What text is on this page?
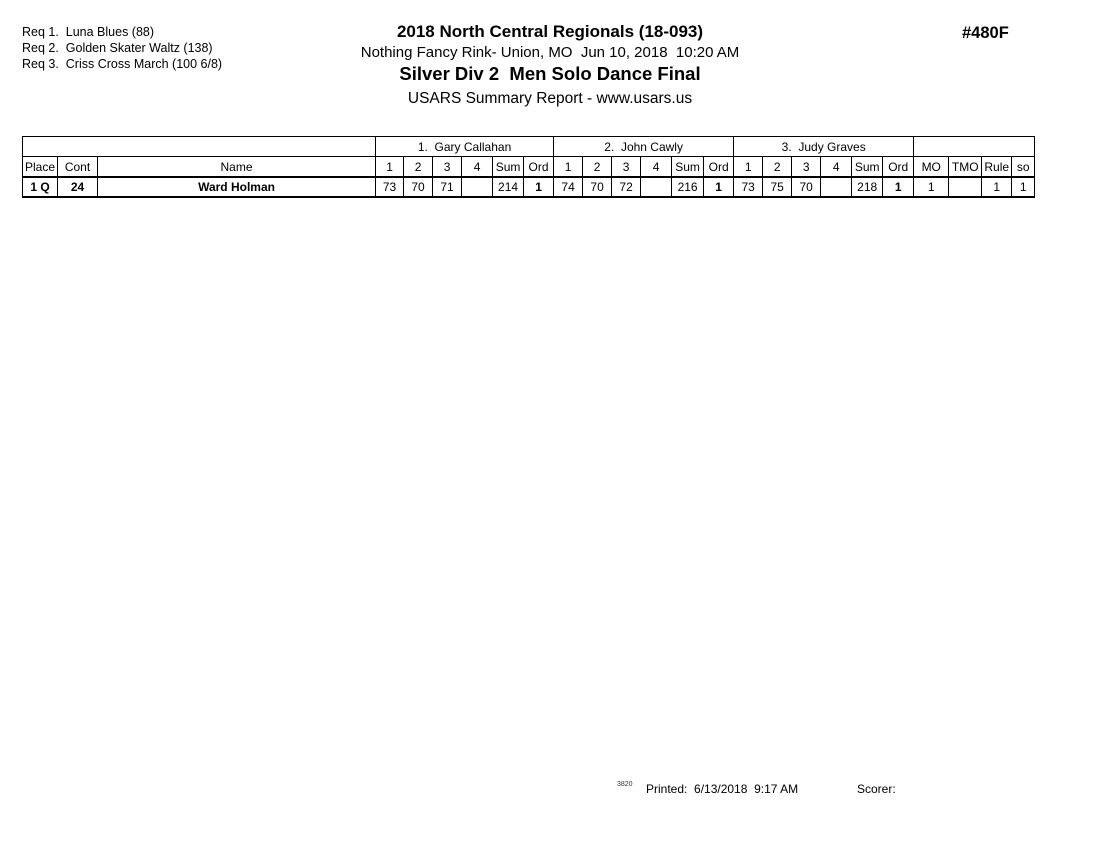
Req 1.  Luna Blues (88)
Req 2.  Golden Skater Waltz (138)
Req 3.  Criss Cross March (100 6/8)
2018 North Central Regionals (18-093)
Nothing Fancy Rink- Union, MO  Jun 10, 2018  10:20 AM
Silver Div 2  Men Solo Dance Final
USARS Summary Report - www.usars.us
#480F
			1.  Gary Callahan						2.  John Cawly						3.  Judy Graves									
Place	Cont	Name	1	2	3	4	Sum	Ord	1	2	3	4	Sum	Ord	1	2	3	4	Sum	Ord	MO	TMO	Rule	so
1 Q	24	Ward Holman	73	70	71		214	1	74	70	72		216	1	73	75	70		218	1	1		1	1
3820 Printed:  6/13/2018  9:17 AM	Scorer:
